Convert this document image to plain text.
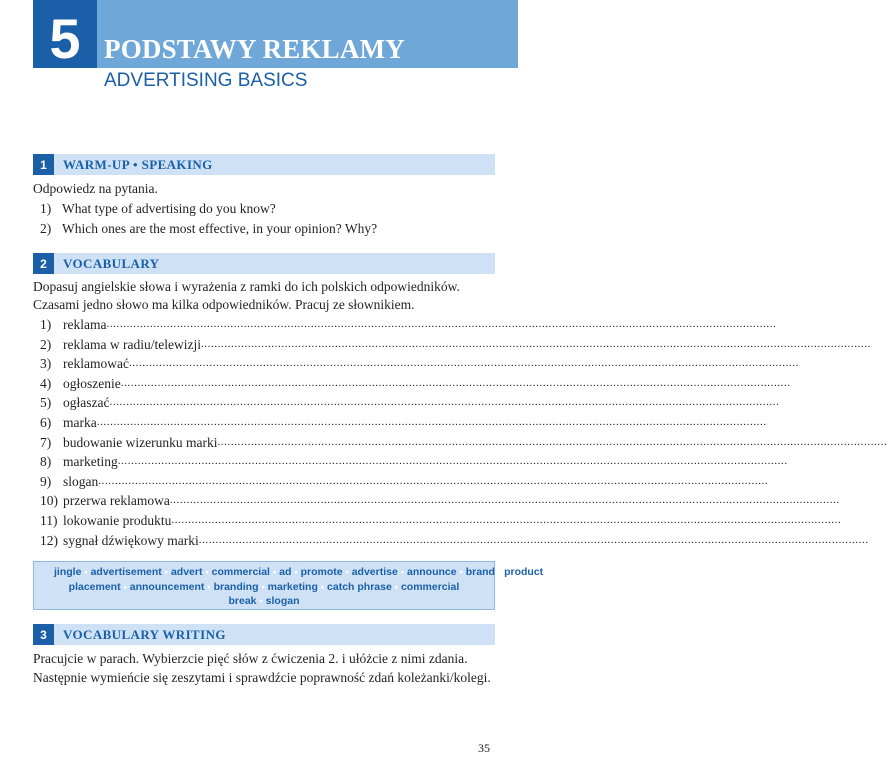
5 PODSTAWY REKLAMY
ADVERTISING BASICS
1	WARM-UP • SPEAKING
Odpowiedz na pytania.
1) What type of advertising do you know?
2) Which ones are the most effective, in your opinion? Why?
2	VOCABULARY
Dopasuj angielskie słowa i wyrażenia z ramki do ich polskich odpowiedników.
Czasami jedno słowo ma kilka odpowiedników. Pracuj ze słownikiem.
1) reklama ........................................................................................................................................................................................................
2) reklama w radiu/telewizji ........................................................................................................................................................................................................
3) reklamować ........................................................................................................................................................................................................
4) ogłoszenie ........................................................................................................................................................................................................
5) ogłaszać ........................................................................................................................................................................................................
6) marka ........................................................................................................................................................................................................
7) budowanie wizerunku marki ........................................................................................................................................................................................................
8) marketing ........................................................................................................................................................................................................
9) slogan ........................................................................................................................................................................................................
10) przerwa reklamowa ........................................................................................................................................................................................................
11) lokowanie produktu ........................................................................................................................................................................................................
12) sygnał dźwiękowy marki ........................................................................................................................................................................................................
jingle • advertisement • advert • commercial • ad • promote • advertise • announce • brand • product placement • announcement • branding • marketing • catch phrase • commercial break • slogan
3	VOCABULARY WRITING
Pracujcie w parach. Wybierzcie pięć słów z ćwiczenia 2. i ułóżcie z nimi zdania.
Następnie wymieńcie się zeszytami i sprawdźcie poprawność zdań koleżanki/kolegi.
35
